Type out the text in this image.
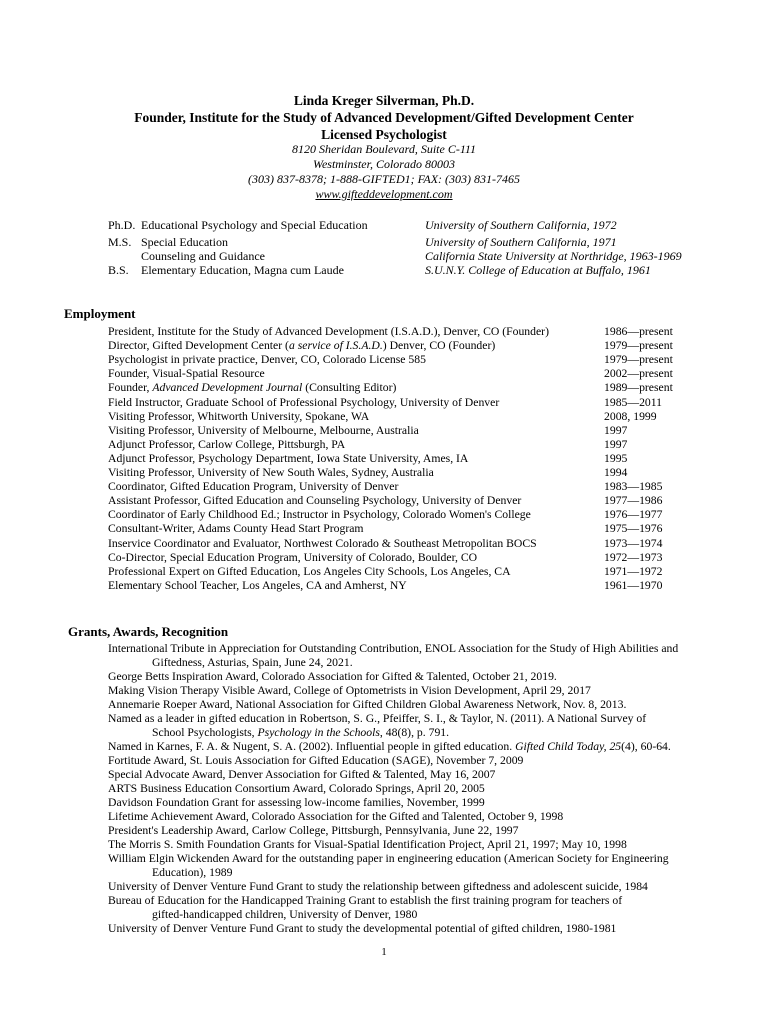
Linda Kreger Silverman, Ph.D.
Founder, Institute for the Study of Advanced Development/Gifted Development Center
Licensed Psychologist
8120 Sheridan Boulevard, Suite C-111
Westminster, Colorado 80003
(303) 837-8378; 1-888-GIFTED1; FAX: (303) 831-7465
www.gifteddevelopment.com
Ph.D. Educational Psychology and Special Education	University of Southern California, 1972
M.S. Special Education	University of Southern California, 1971
Counseling and Guidance	California State University at Northridge, 1963-1969
B.S. Elementary Education, Magna cum Laude	S.U.N.Y. College of Education at Buffalo, 1961
Employment
President, Institute for the Study of Advanced Development (I.S.A.D.), Denver, CO (Founder)	1986—present
Director, Gifted Development Center (a service of I.S.A.D.) Denver, CO (Founder)	1979—present
Psychologist in private practice, Denver, CO, Colorado License 585	1979—present
Founder, Visual-Spatial Resource	2002—present
Founder, Advanced Development Journal (Consulting Editor)	1989—present
Field Instructor, Graduate School of Professional Psychology, University of Denver	1985—2011
Visiting Professor, Whitworth University, Spokane, WA	2008, 1999
Visiting Professor, University of Melbourne, Melbourne, Australia	1997
Adjunct Professor, Carlow College, Pittsburgh, PA	1997
Adjunct Professor, Psychology Department, Iowa State University, Ames, IA	1995
Visiting Professor, University of New South Wales, Sydney, Australia	1994
Coordinator, Gifted Education Program, University of Denver	1983—1985
Assistant Professor, Gifted Education and Counseling Psychology, University of Denver	1977—1986
Coordinator of Early Childhood Ed.; Instructor in Psychology, Colorado Women's College	1976—1977
Consultant-Writer, Adams County Head Start Program	1975—1976
Inservice Coordinator and Evaluator, Northwest Colorado & Southeast Metropolitan BOCS	1973—1974
Co-Director, Special Education Program, University of Colorado, Boulder, CO	1972—1973
Professional Expert on Gifted Education, Los Angeles City Schools, Los Angeles, CA	1971—1972
Elementary School Teacher, Los Angeles, CA and Amherst, NY	1961—1970
Grants, Awards, Recognition
International Tribute in Appreciation for Outstanding Contribution, ENOL Association for the Study of High Abilities and
Giftedness, Asturias, Spain, June 24, 2021.
George Betts Inspiration Award, Colorado Association for Gifted & Talented, October 21, 2019.
Making Vision Therapy Visible Award, College of Optometrists in Vision Development, April 29, 2017
Annemarie Roeper Award, National Association for Gifted Children Global Awareness Network, Nov. 8, 2013.
Named as a leader in gifted education in Robertson, S. G., Pfeiffer, S. I., & Taylor, N. (2011). A National Survey of
School Psychologists, Psychology in the Schools, 48(8), p. 791.
Named in Karnes, F. A. & Nugent, S. A. (2002). Influential people in gifted education. Gifted Child Today, 25(4), 60-64.
Fortitude Award, St. Louis Association for Gifted Education (SAGE), November 7, 2009
Special Advocate Award, Denver Association for Gifted & Talented, May 16, 2007
ARTS Business Education Consortium Award, Colorado Springs, April 20, 2005
Davidson Foundation Grant for assessing low-income families, November, 1999
Lifetime Achievement Award, Colorado Association for the Gifted and Talented, October 9, 1998
President's Leadership Award, Carlow College, Pittsburgh, Pennsylvania, June 22, 1997
The Morris S. Smith Foundation Grants for Visual-Spatial Identification Project, April 21, 1997; May 10, 1998
William Elgin Wickenden Award for the outstanding paper in engineering education (American Society for Engineering
Education), 1989
University of Denver Venture Fund Grant to study the relationship between giftedness and adolescent suicide, 1984
Bureau of Education for the Handicapped Training Grant to establish the first training program for teachers of
gifted-handicapped children, University of Denver, 1980
University of Denver Venture Fund Grant to study the developmental potential of gifted children, 1980-1981
1
